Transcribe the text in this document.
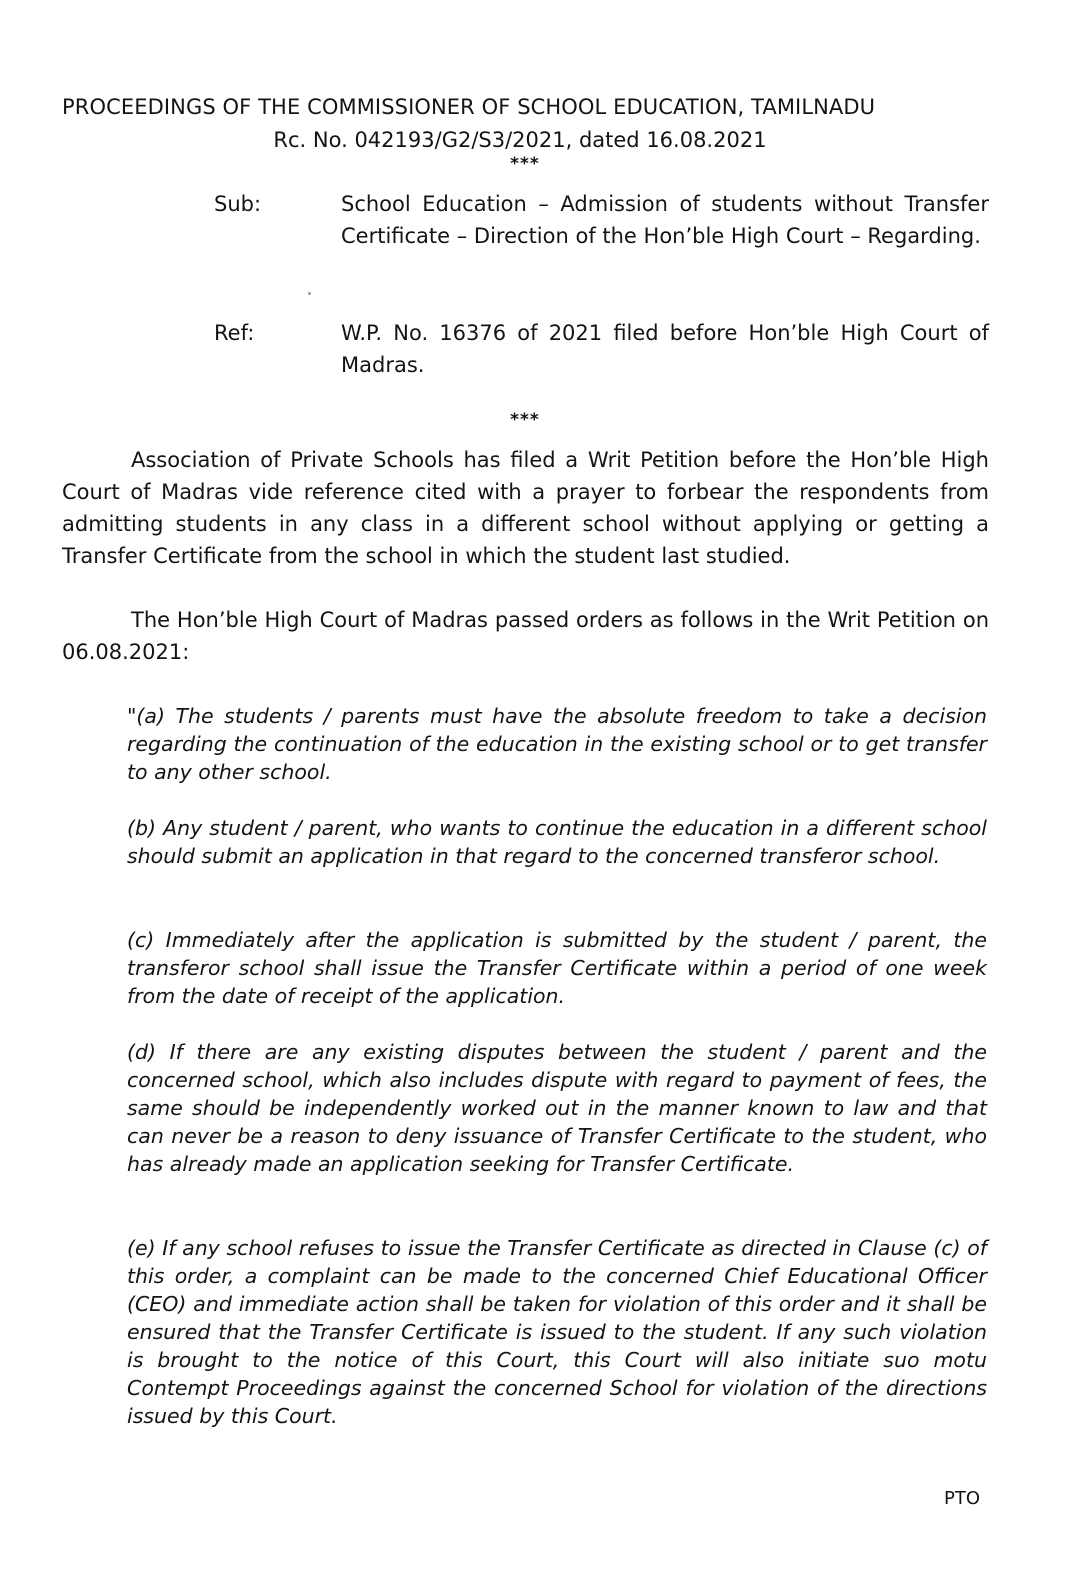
PROCEEDINGS OF THE COMMISSIONER OF SCHOOL EDUCATION, TAMILNADU
Rc. No. 042193/G2/S3/2021, dated 16.08.2021
***
Sub:	School Education – Admission of students without Transfer Certificate – Direction of the Hon’ble High Court – Regarding.
Ref:	W.P. No. 16376 of 2021 filed before Hon’ble High Court of Madras.
***
Association of Private Schools has filed a Writ Petition before the Hon’ble High Court of Madras vide reference cited with a prayer to forbear the respondents from admitting students in any class in a different school without applying or getting a Transfer Certificate from the school in which the student last studied.
The Hon’ble High Court of Madras passed orders as follows in the Writ Petition on 06.08.2021:
"(a) The students / parents must have the absolute freedom to take a decision regarding the continuation of the education in the existing school or to get transfer to any other school.
(b) Any student / parent, who wants to continue the education in a different school should submit an application in that regard to the concerned transferor school.
(c) Immediately after the application is submitted by the student / parent, the transferor school shall issue the Transfer Certificate within a period of one week from the date of receipt of the application.
(d) If there are any existing disputes between the student / parent and the concerned school, which also includes dispute with regard to payment of fees, the same should be independently worked out in the manner known to law and that can never be a reason to deny issuance of Transfer Certificate to the student, who has already made an application seeking for Transfer Certificate.
(e) If any school refuses to issue the Transfer Certificate as directed in Clause (c) of this order, a complaint can be made to the concerned Chief Educational Officer (CEO) and immediate action shall be taken for violation of this order and it shall be ensured that the Transfer Certificate is issued to the student. If any such violation is brought to the notice of this Court, this Court will also initiate suo motu Contempt Proceedings against the concerned School for violation of the directions issued by this Court.
PTO
